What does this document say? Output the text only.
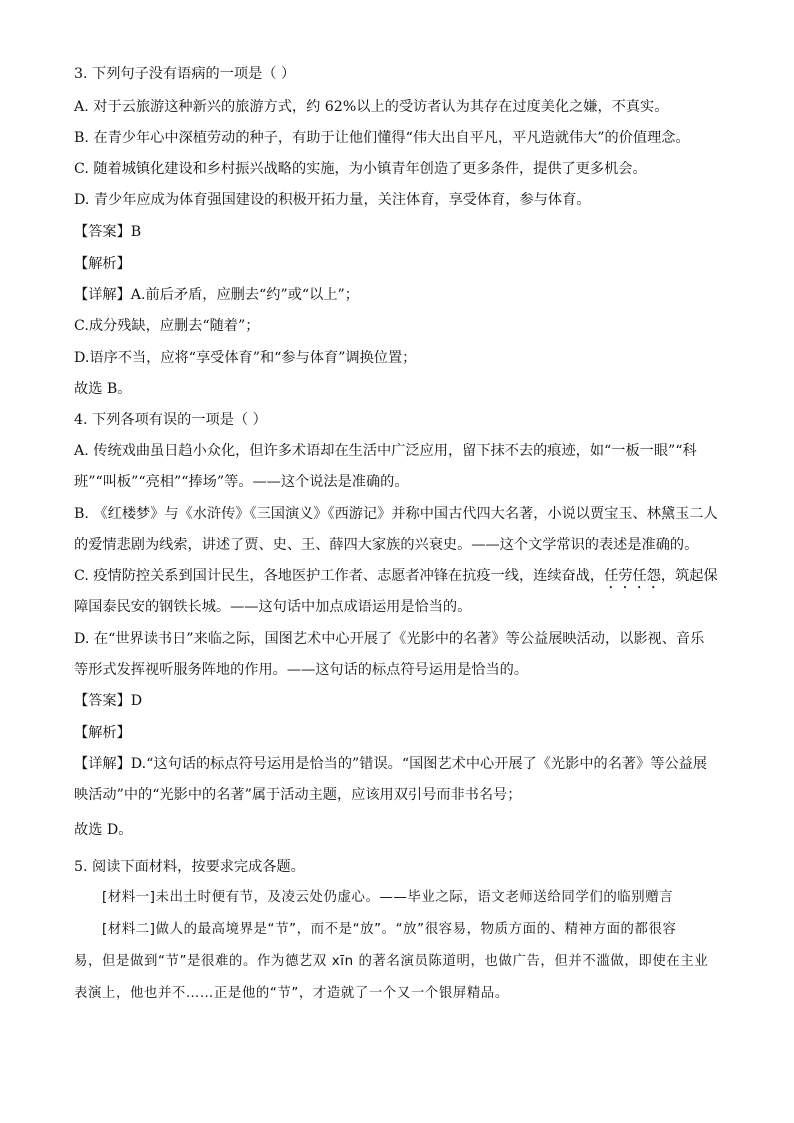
3. 下列句子没有语病的一项是（ ）
A. 对于云旅游这种新兴的旅游方式，约 62%以上的受访者认为其存在过度美化之嫌，不真实。
B. 在青少年心中深植劳动的种子，有助于让他们懂得“伟大出自平凡，平凡造就伟大”的价值理念。
C. 随着城镇化建设和乡村振兴战略的实施，为小镇青年创造了更多条件，提供了更多机会。
D. 青少年应成为体育强国建设的积极开拓力量，关注体育，享受体育，参与体育。
【答案】B
【解析】
【详解】A.前后矛盾，应删去“约”或“以上”；
C.成分残缺，应删去“随着”；
D.语序不当，应将“享受体育”和“参与体育”调换位置；
故选 B。
4. 下列各项有误的一项是（ ）
A. 传统戏曲虽日趋小众化，但许多术语却在生活中广泛应用，留下抹不去的痕迹，如“一板一眼”“科
班”“叫板”“亮相”“捧场”等。——这个说法是准确的。
B. 《红楼梦》与《水浒传》《三国演义》《西游记》并称中国古代四大名著，小说以贾宝玉、林黛玉二人
的爱情悲剧为线索，讲述了贾、史、王、薛四大家族的兴衰史。——这个文学常识的表述是准确的。
C. 疫情防控关系到国计民生，各地医护工作者、志愿者冲锋在抗疫一线，连续奋战，任劳任怨，筑起保
障国泰民安的钢铁长城。——这句话中加点成语运用是恰当的。
D. 在“世界读书日”来临之际，国图艺术中心开展了《光影中的名著》等公益展映活动，以影视、音乐
等形式发挥视听服务阵地的作用。——这句话的标点符号运用是恰当的。
【答案】D
【解析】
【详解】D.“这句话的标点符号运用是恰当的”错误。“国图艺术中心开展了《光影中的名著》等公益展
映活动”中的“光影中的名著”属于活动主题，应该用双引号而非书名号；
故选 D。
5. 阅读下面材料，按要求完成各题。
[材料一]未出土时便有节，及凌云处仍虚心。——毕业之际，语文老师送给同学们的临别赠言
[材料二]做人的最高境界是“节”，而不是“放”。“放”很容易，物质方面的、精神方面的都很容
易，但是做到“节”是很难的。作为德艺双 xīn 的著名演员陈道明，也做广告，但并不滥做，即使在主业
表演上，他也并不……正是他的“节”，才造就了一个又一个银屏精品。
